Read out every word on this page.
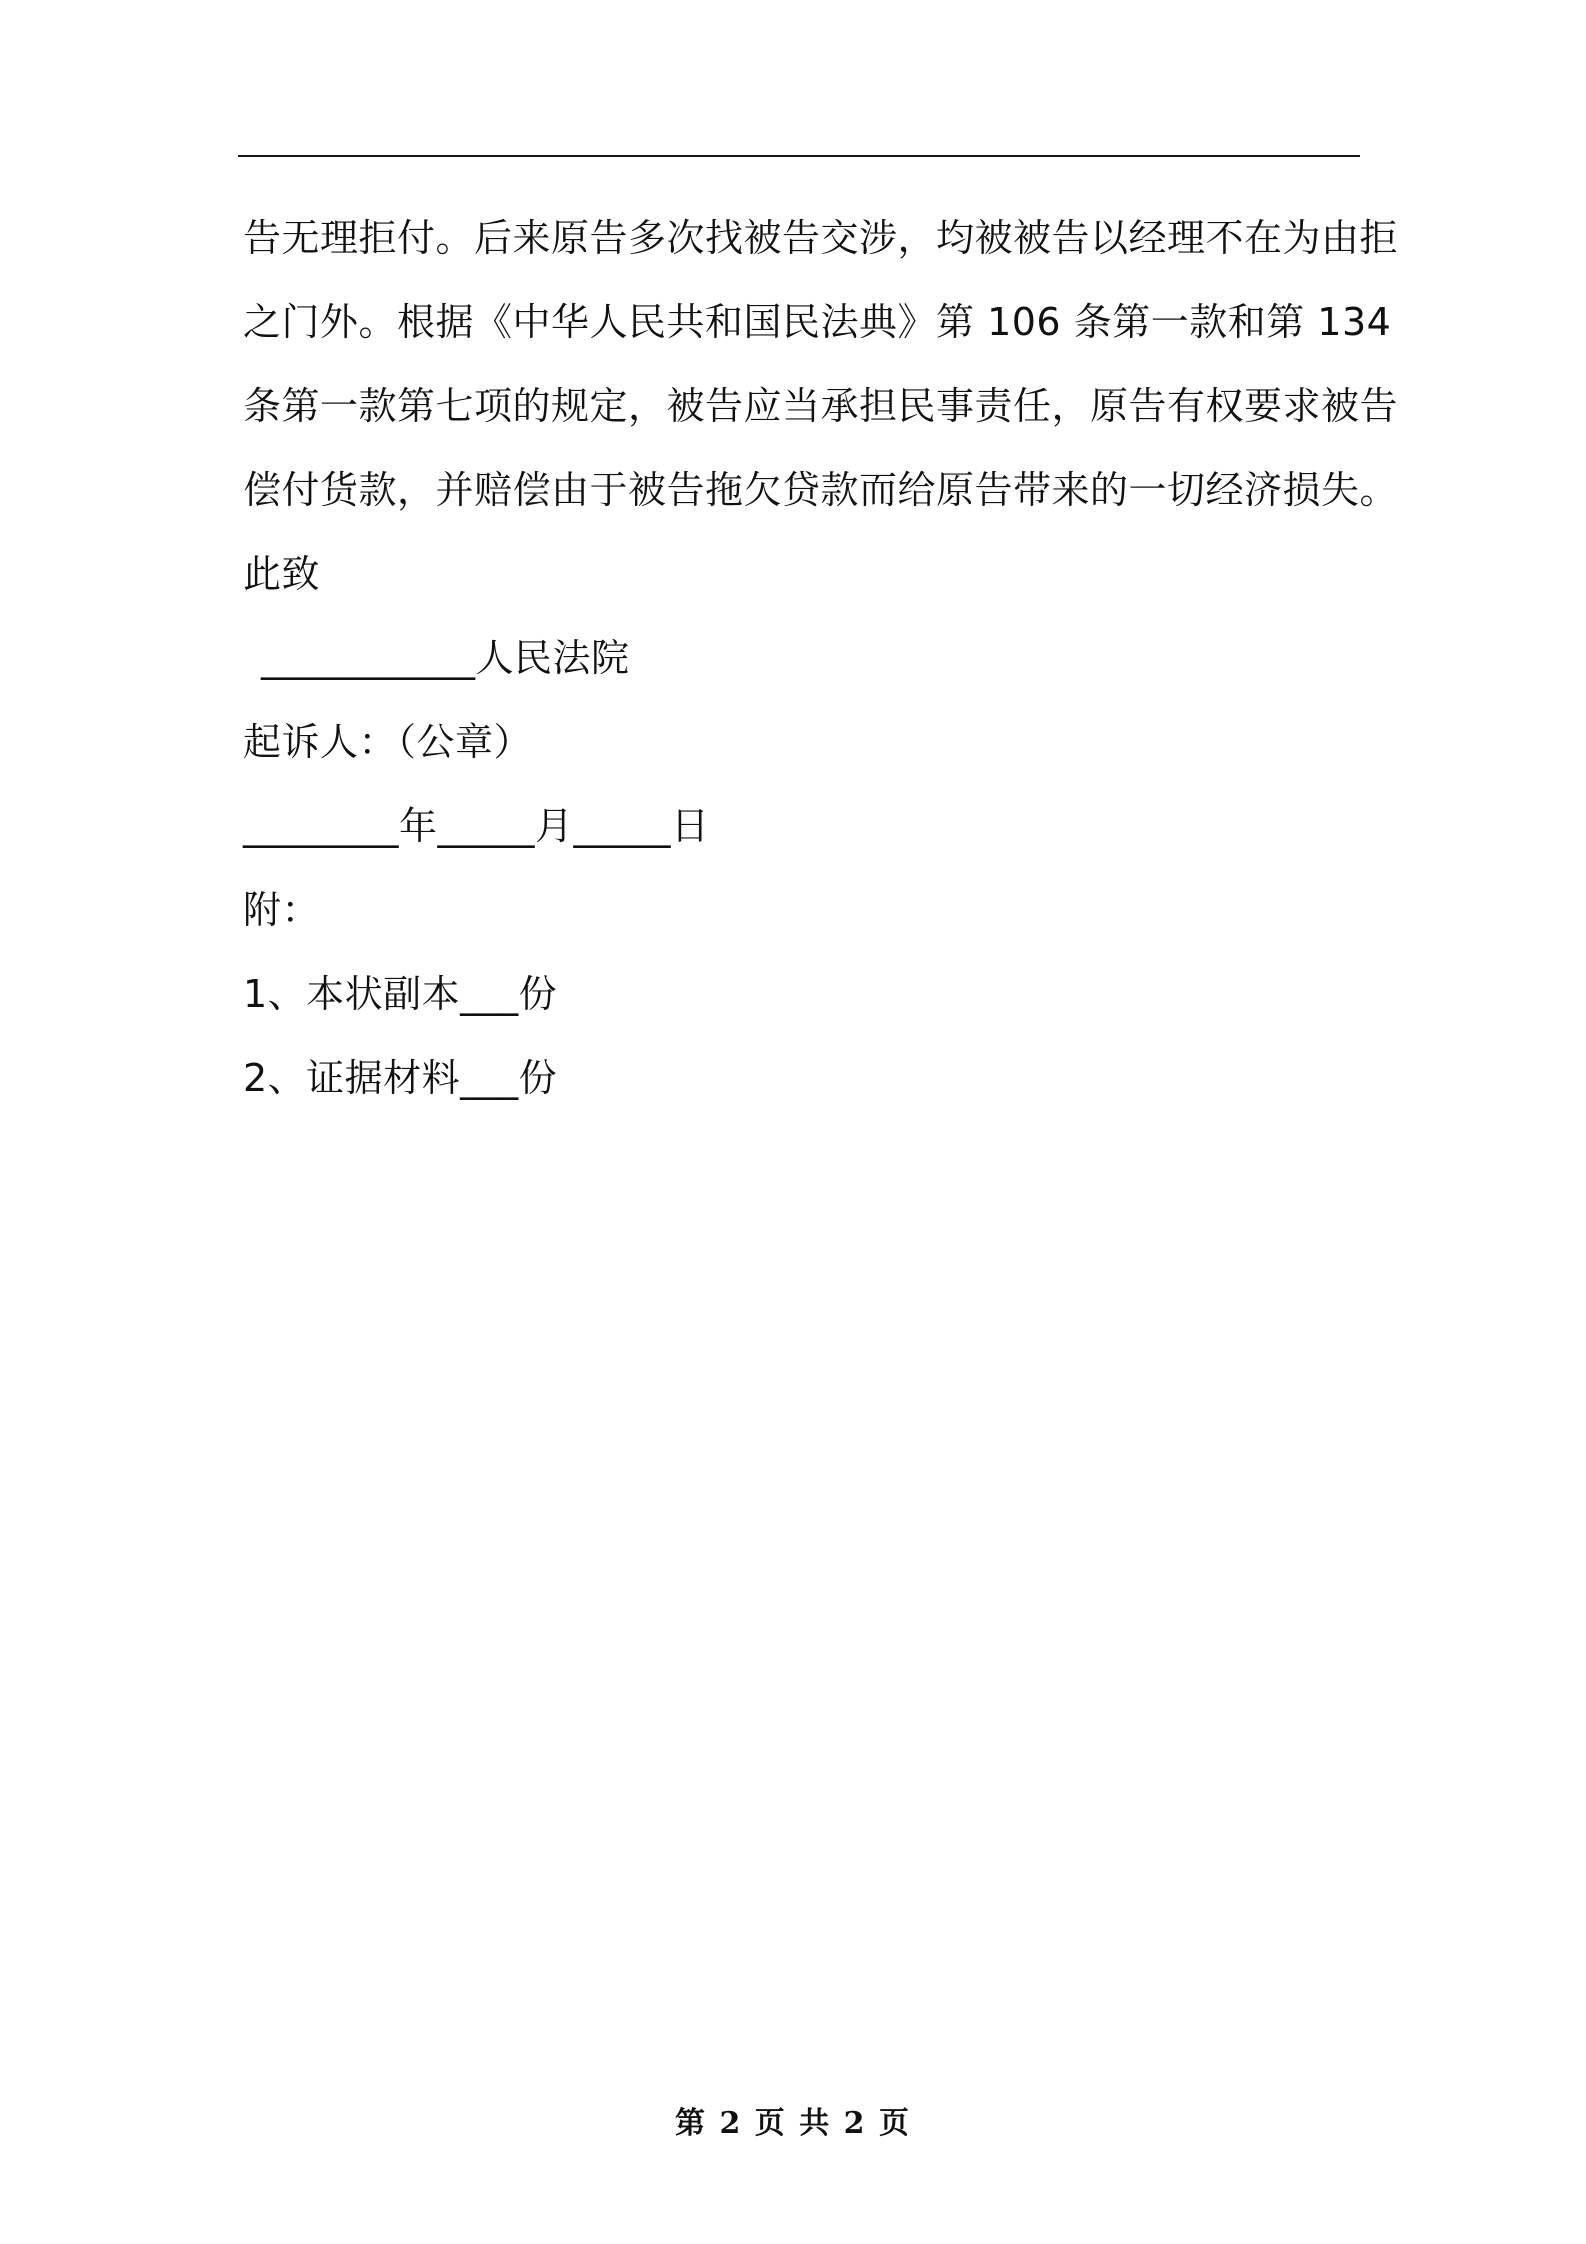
告无理拒付。后来原告多次找被告交涉，均被被告以经理不在为由拒
之门外。根据《中华人民共和国民法典》第 106 条第一款和第 134
条第一款第七项的规定，被告应当承担民事责任，原告有权要求被告
偿付货款，并赔偿由于被告拖欠贷款而给原告带来的一切经济损失。
此致
___________人民法院
起诉人：（公章）
________年_____月_____日
附：
1、本状副本___份
2、证据材料___份
第 2 页 共 2 页
